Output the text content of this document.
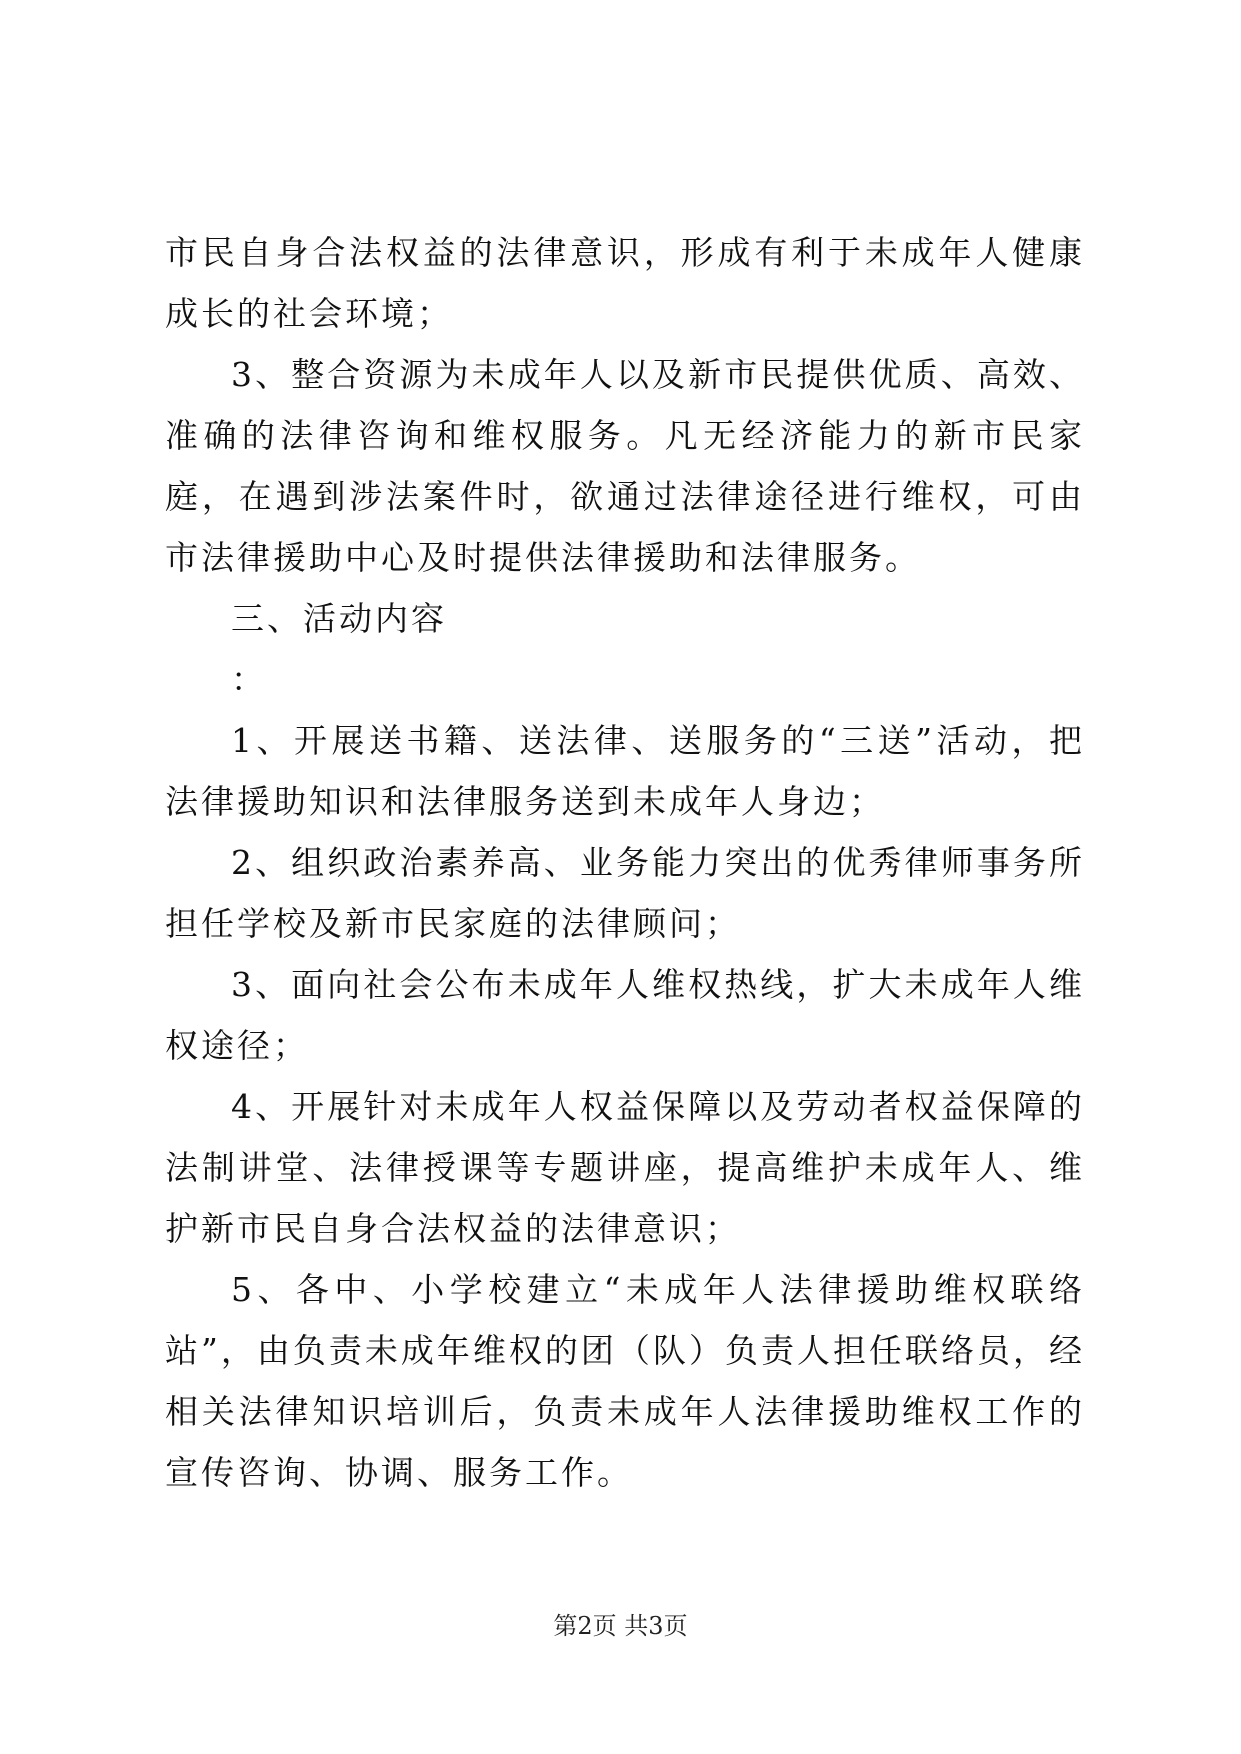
市民自身合法权益的法律意识，形成有利于未成年人健康成长的社会环境；

3、整合资源为未成年人以及新市民提供优质、高效、准确的法律咨询和维权服务。凡无经济能力的新市民家庭，在遇到涉法案件时，欲通过法律途径进行维权，可由市法律援助中心及时提供法律援助和法律服务。

三、活动内容

：

1、开展送书籍、送法律、送服务的“三送”活动，把法律援助知识和法律服务送到未成年人身边；

2、组织政治素养高、业务能力突出的优秀律师事务所担任学校及新市民家庭的法律顾问；

3、面向社会公布未成年人维权热线，扩大未成年人维权途径；

4、开展针对未成年人权益保障以及劳动者权益保障的法制讲堂、法律授课等专题讲座，提高维护未成年人、维护新市民自身合法权益的法律意识；

5、各中、小学校建立“未成年人法律援助维权联络站”，由负责未成年维权的团（队）负责人担任联络员，经相关法律知识培训后，负责未成年人法律援助维权工作的宣传咨询、协调、服务工作。

第2页 共3页
